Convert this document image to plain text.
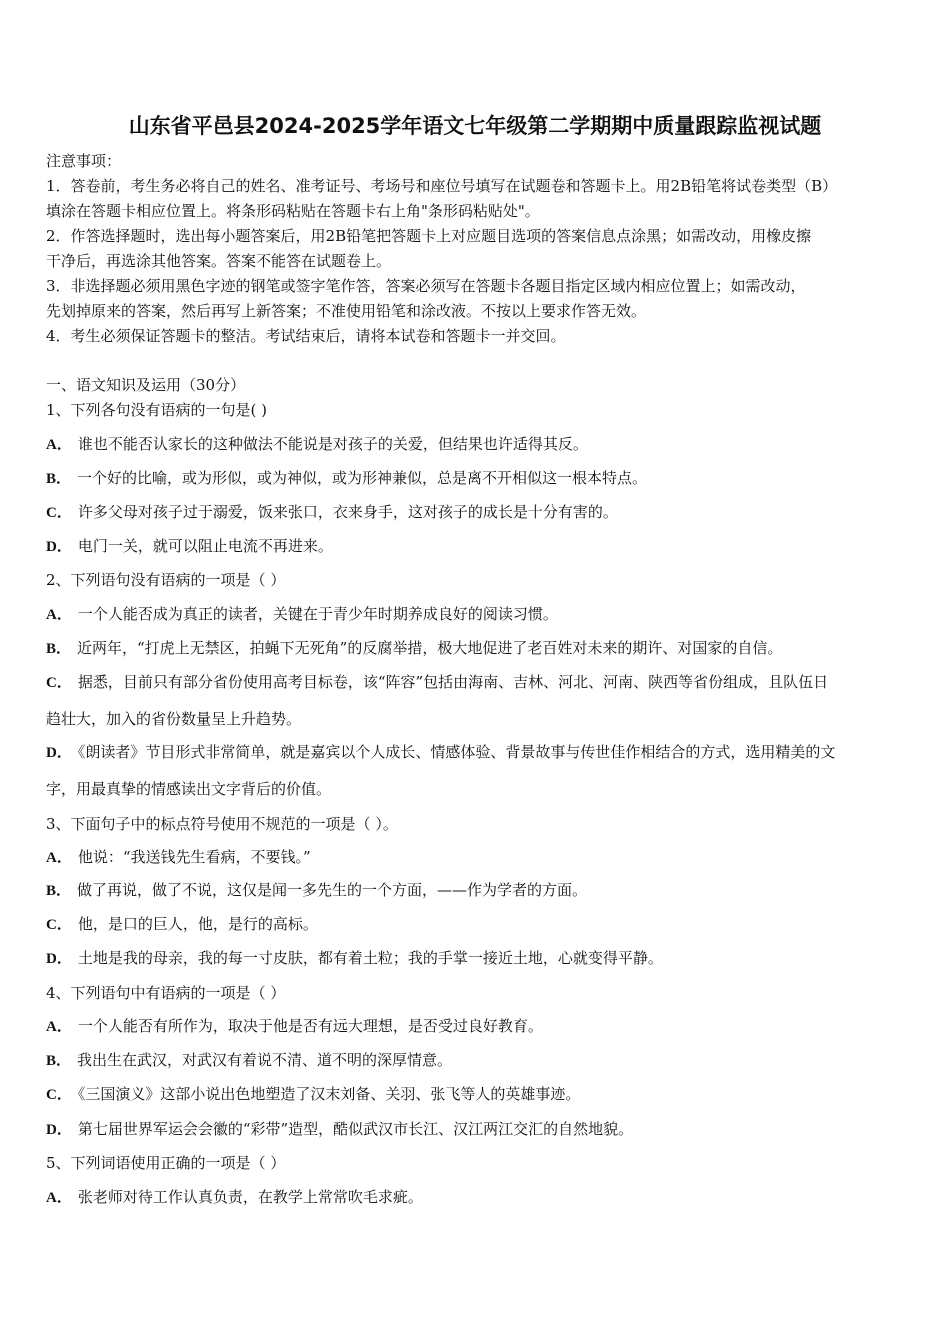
山东省平邑县2024-2025学年语文七年级第二学期期中质量跟踪监视试题
注意事项：
1．答卷前，考生务必将自己的姓名、准考证号、考场号和座位号填写在试题卷和答题卡上。用2B铅笔将试卷类型（B）
填涂在答题卡相应位置上。将条形码粘贴在答题卡右上角"条形码粘贴处"。
2．作答选择题时，选出每小题答案后，用2B铅笔把答题卡上对应题目选项的答案信息点涂黑；如需改动，用橡皮擦
干净后，再选涂其他答案。答案不能答在试题卷上。
3．非选择题必须用黑色字迹的钢笔或签字笔作答，答案必须写在答题卡各题目指定区域内相应位置上；如需改动，
先划掉原来的答案，然后再写上新答案；不准使用铅笔和涂改液。不按以上要求作答无效。
4．考生必须保证答题卡的整洁。考试结束后，请将本试卷和答题卡一并交回。
一、语文知识及运用（30分）
1、下列各句没有语病的一句是( )
A． 谁也不能否认家长的这种做法不能说是对孩子的关爱，但结果也许适得其反。
B． 一个好的比喻，或为形似，或为神似，或为形神兼似，总是离不开相似这一根本特点。
C． 许多父母对孩子过于溺爱，饭来张口，衣来身手，这对孩子的成长是十分有害的。
D． 电门一关，就可以阻止电流不再进来。
2、下列语句没有语病的一项是（ ）
A． 一个人能否成为真正的读者，关键在于青少年时期养成良好的阅读习惯。
B． 近两年，“打虎上无禁区，拍蝇下无死角”的反腐举措，极大地促进了老百姓对未来的期许、对国家的自信。
C． 据悉，目前只有部分省份使用高考目标卷，该“阵容”包括由海南、吉林、河北、河南、陕西等省份组成，且队伍日
趋壮大，加入的省份数量呈上升趋势。
D． 《朗读者》节目形式非常简单，就是嘉宾以个人成长、情感体验、背景故事与传世佳作相结合的方式，选用精美的文
字，用最真挚的情感读出文字背后的价值。
3、下面句子中的标点符号使用不规范的一项是（ ）。
A． 他说：“我送钱先生看病，不要钱。”
B． 做了再说，做了不说，这仅是闻一多先生的一个方面，——作为学者的方面。
C． 他，是口的巨人，他，是行的高标。
D． 土地是我的母亲，我的每一寸皮肤，都有着土粒；我的手掌一接近土地，心就变得平静。
4、下列语句中有语病的一项是（ ）
A． 一个人能否有所作为，取决于他是否有远大理想，是否受过良好教育。
B． 我出生在武汉，对武汉有着说不清、道不明的深厚情意。
C． 《三国演义》这部小说出色地塑造了汉末刘备、关羽、张飞等人的英雄事迹。
D． 第七届世界军运会会徽的“彩带”造型，酷似武汉市长江、汉江两江交汇的自然地貌。
5、下列词语使用正确的一项是（ ）
A． 张老师对待工作认真负责，在教学上常常吹毛求疵。
